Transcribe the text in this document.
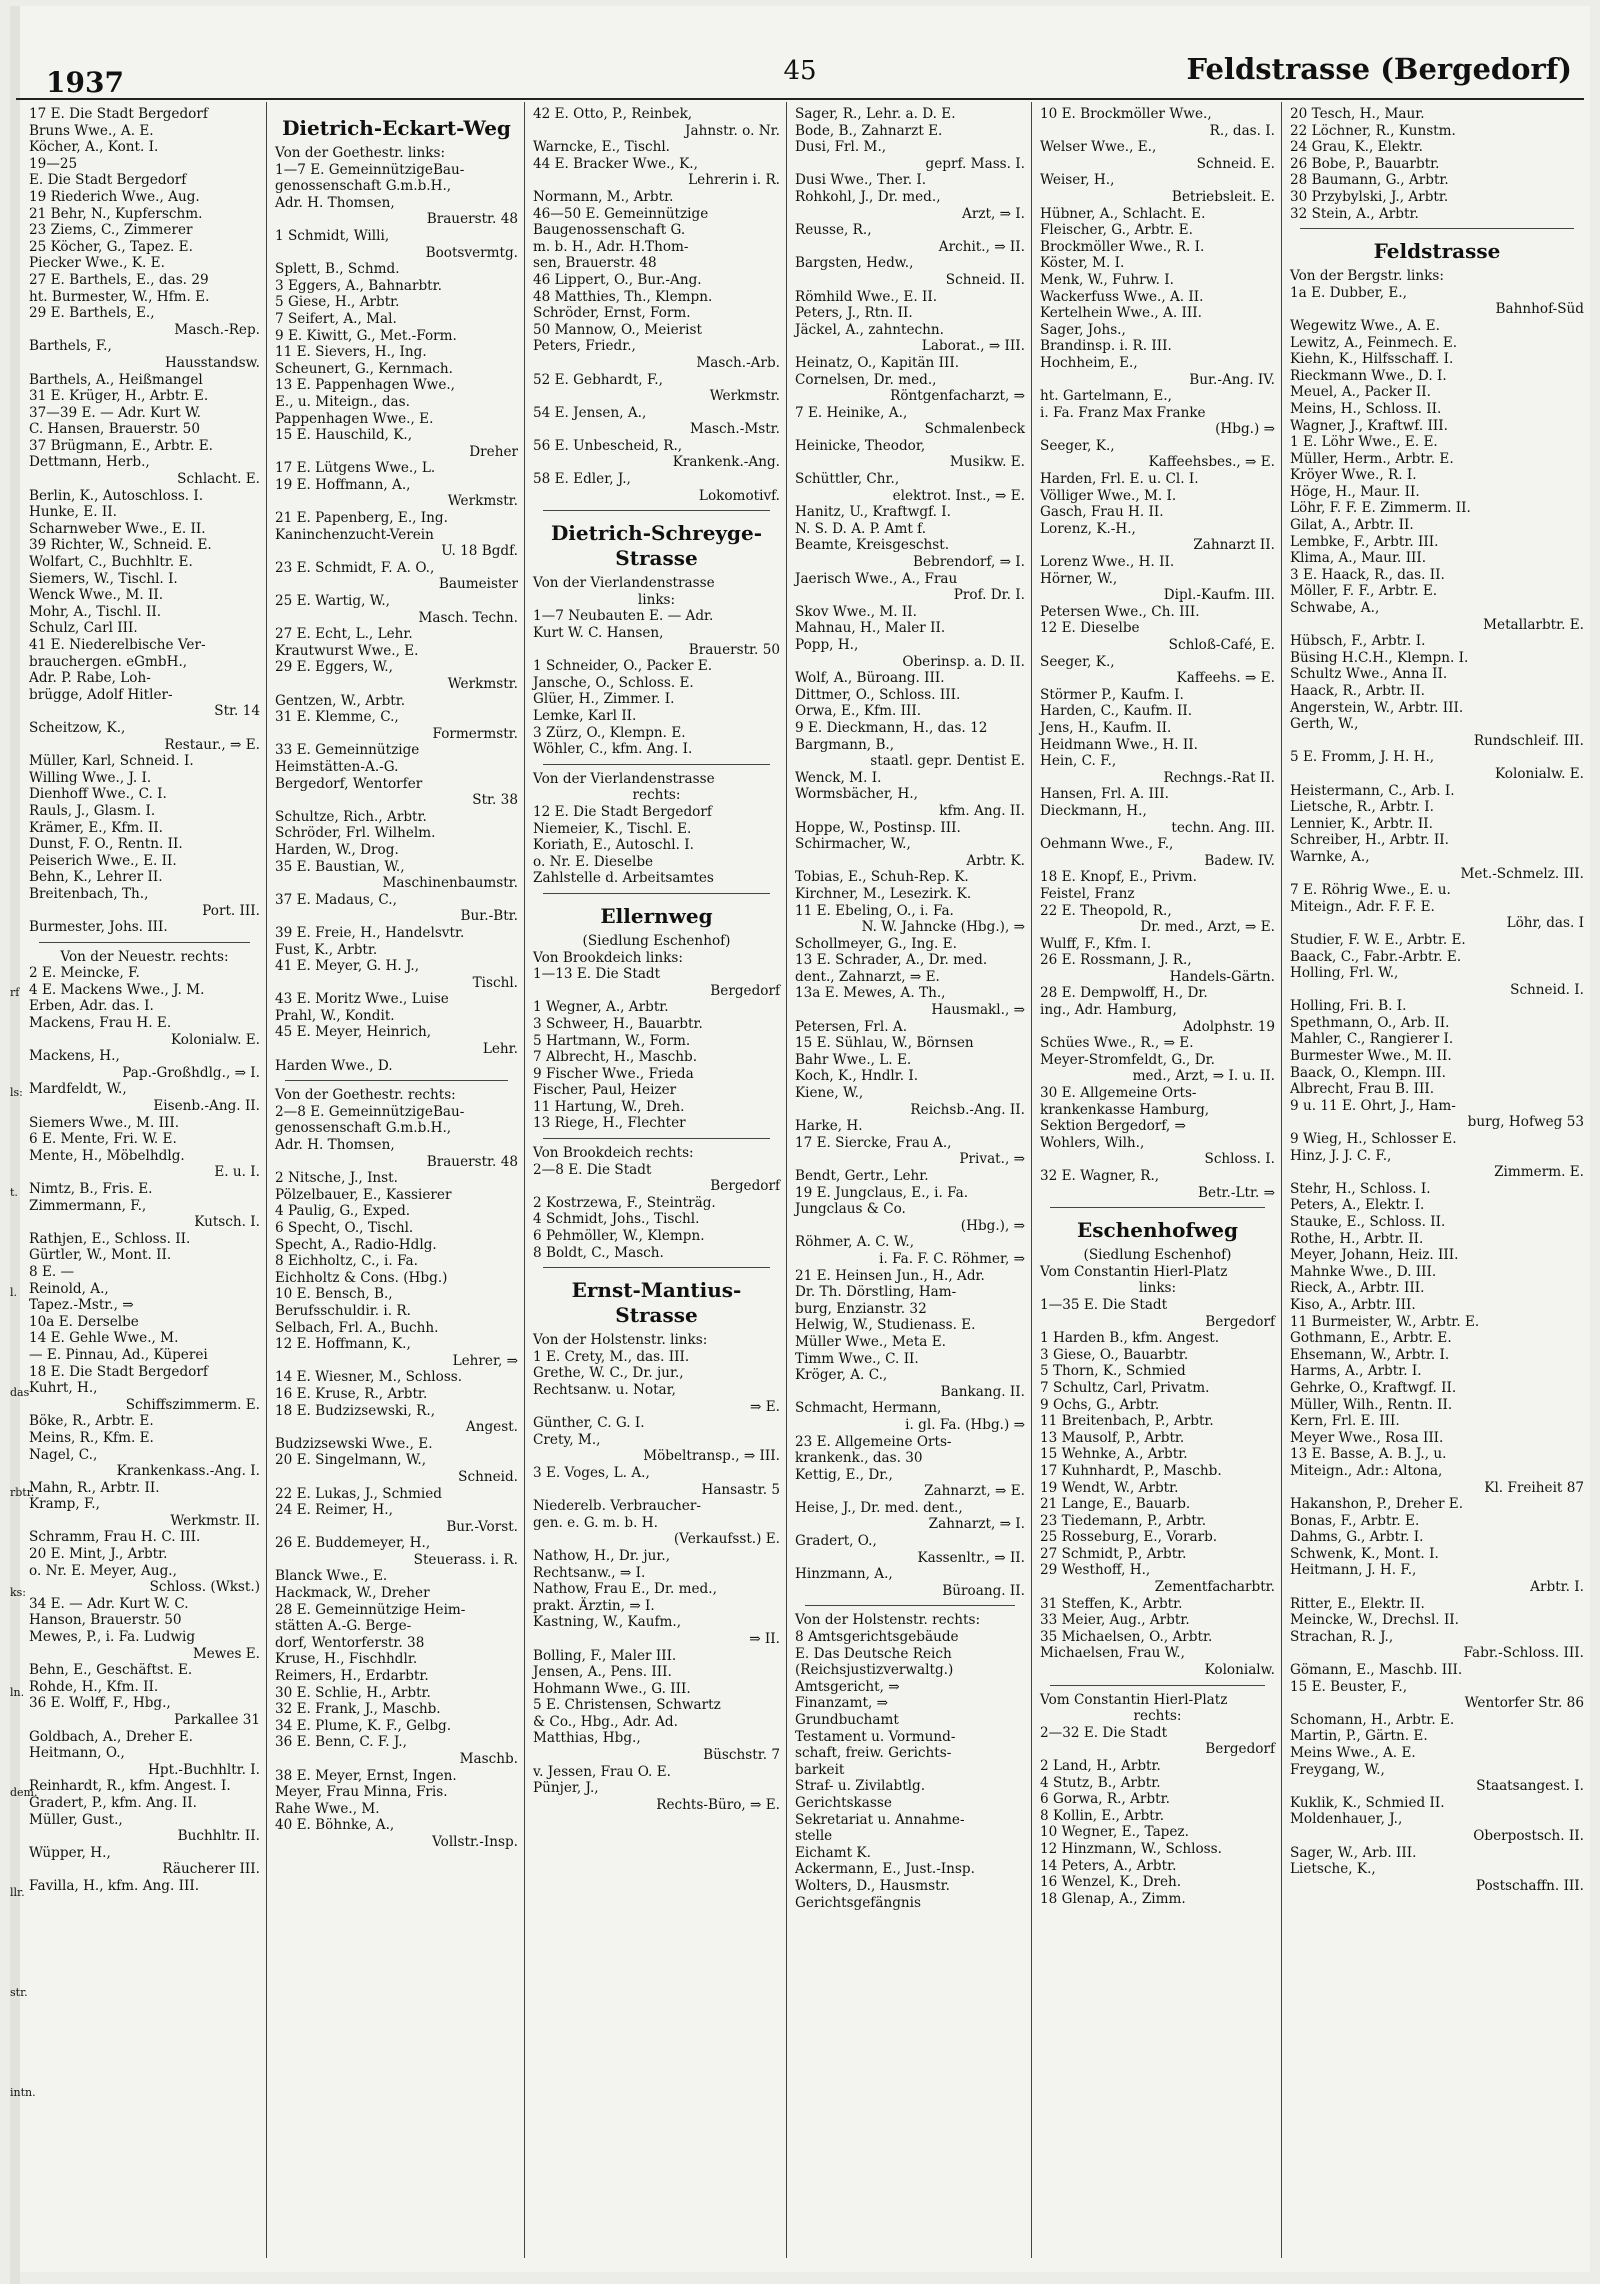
rf
ls:
t.
l.
das
rbtr.
ks:
ln.
dem.
llr.
str.
intn.
1937	45	Feldstrasse (Bergedorf)
17 E. Die Stadt Bergedorf
Bruns Wwe., A. E.
Köcher, A., Kont. I.
19—25
E. Die Stadt Bergedorf
19 Riederich Wwe., Aug.
21 Behr, N., Kupferschm.
23 Ziems, C., Zimmerer
25 Köcher, G., Tapez. E.
Piecker Wwe., K. E.
27 E. Barthels, E., das. 29
ht. Burmester, W., Hfm. E.
29 E. Barthels, E.,
Masch.-Rep.
Barthels, F.,
Hausstandsw.
Barthels, A., Heißmangel
31 E. Krüger, H., Arbtr. E.
37—39 E. — Adr. Kurt W.
C. Hansen, Brauerstr. 50
37 Brügmann, E., Arbtr. E.
Dettmann, Herb.,
Schlacht. E.
Berlin, K., Autoschloss. I.
Hunke, E. II.
Scharnweber Wwe., E. II.
39 Richter, W., Schneid. E.
Wolfart, C., Buchhltr. E.
Siemers, W., Tischl. I.
Wenck Wwe., M. II.
Mohr, A., Tischl. II.
Schulz, Carl III.
41 E. Niederelbische Ver-
brauchergen. eGmbH.,
Adr. P. Rabe, Loh-
brügge, Adolf Hitler-
Str. 14
Scheitzow, K.,
Restaur., ⇒ E.
Müller, Karl, Schneid. I.
Willing Wwe., J. I.
Dienhoff Wwe., C. I.
Rauls, J., Glasm. I.
Krämer, E., Kfm. II.
Dunst, F. O., Rentn. II.
Peiserich Wwe., E. II.
Behn, K., Lehrer II.
Breitenbach, Th.,
Port. III.
Burmester, Johs. III.
Von der Neuestr. rechts:
2 E. Meincke, F.
4 E. Mackens Wwe., J. M.
Erben, Adr. das. I.
Mackens, Frau H. E.
Kolonialw. E.
Mackens, H.,
Pap.-Großhdlg., ⇒ I.
Mardfeldt, W.,
Eisenb.-Ang. II.
Siemers Wwe., M. III.
6 E. Mente, Fri. W. E.
Mente, H., Möbelhdlg.
E. u. I.
Nimtz, B., Fris. E.
Zimmermann, F.,
Kutsch. I.
Rathjen, E., Schloss. II.
Gürtler, W., Mont. II.
8 E. —
Reinold, A.,
Tapez.-Mstr., ⇒
10a E. Derselbe
14 E. Gehle Wwe., M.
— E. Pinnau, Ad., Küperei
18 E. Die Stadt Bergedorf
Kuhrt, H.,
Schiffszimmerm. E.
Böke, R., Arbtr. E.
Meins, R., Kfm. E.
Nagel, C.,
Krankenkass.-Ang. I.
Mahn, R., Arbtr. II.
Kramp, F.,
Werkmstr. II.
Schramm, Frau H. C. III.
20 E. Mint, J., Arbtr.
o. Nr. E. Meyer, Aug.,
Schloss. (Wkst.)
34 E. — Adr. Kurt W. C.
Hanson, Brauerstr. 50
Mewes, P., i. Fa. Ludwig
Mewes E.
Behn, E., Geschäftst. E.
Rohde, H., Kfm. II.
36 E. Wolff, F., Hbg.,
Parkallee 31
Goldbach, A., Dreher E.
Heitmann, O.,
Hpt.-Buchhltr. I.
Reinhardt, R., kfm. Angest. I.
Gradert, P., kfm. Ang. II.
Müller, Gust.,
Buchhltr. II.
Wüpper, H.,
Räucherer III.
Favilla, H., kfm. Ang. III.
Dietrich-Eckart-Weg
Von der Goethestr. links:
1—7 E. GemeinnützigeBau-
genossenschaft G.m.b.H.,
Adr. H. Thomsen,
Brauerstr. 48
1 Schmidt, Willi,
Bootsvermtg.
Splett, B., Schmd.
3 Eggers, A., Bahnarbtr.
5 Giese, H., Arbtr.
7 Seifert, A., Mal.
9 E. Kiwitt, G., Met.-Form.
11 E. Sievers, H., Ing.
Scheunert, G., Kernmach.
13 E. Pappenhagen Wwe.,
E., u. Miteign., das.
Pappenhagen Wwe., E.
15 E. Hauschild, K.,
Dreher
17 E. Lütgens Wwe., L.
19 E. Hoffmann, A.,
Werkmstr.
21 E. Papenberg, E., Ing.
Kaninchenzucht-Verein
U. 18 Bgdf.
23 E. Schmidt, F. A. O.,
Baumeister
25 E. Wartig, W.,
Masch. Techn.
27 E. Echt, L., Lehr.
Krautwurst Wwe., E.
29 E. Eggers, W.,
Werkmstr.
Gentzen, W., Arbtr.
31 E. Klemme, C.,
Formermstr.
33 E. Gemeinnützige
Heimstätten-A.-G.
Bergedorf, Wentorfer
Str. 38
Schultze, Rich., Arbtr.
Schröder, Frl. Wilhelm.
Harden, W., Drog.
35 E. Baustian, W.,
Maschinenbaumstr.
37 E. Madaus, C.,
Bur.-Btr.
39 E. Freie, H., Handelsvtr.
Fust, K., Arbtr.
41 E. Meyer, G. H. J.,
Tischl.
43 E. Moritz Wwe., Luise
Prahl, W., Kondit.
45 E. Meyer, Heinrich,
Lehr.
Harden Wwe., D.
Von der Goethestr. rechts:
2—8 E. GemeinnützigeBau-
genossenschaft G.m.b.H.,
Adr. H. Thomsen,
Brauerstr. 48
2 Nitsche, J., Inst.
Pölzelbauer, E., Kassierer
4 Paulig, G., Exped.
6 Specht, O., Tischl.
Specht, A., Radio-Hdlg.
8 Eichholtz, C., i. Fa.
Eichholtz & Cons. (Hbg.)
10 E. Bensch, B.,
Berufsschuldir. i. R.
Selbach, Frl. A., Buchh.
12 E. Hoffmann, K.,
Lehrer, ⇒
14 E. Wiesner, M., Schloss.
16 E. Kruse, R., Arbtr.
18 E. Budzizsewski, R.,
Angest.
Budzizsewski Wwe., E.
20 E. Singelmann, W.,
Schneid.
22 E. Lukas, J., Schmied
24 E. Reimer, H.,
Bur.-Vorst.
26 E. Buddemeyer, H.,
Steuerass. i. R.
Blanck Wwe., E.
Hackmack, W., Dreher
28 E. Gemeinnützige Heim-
stätten A.-G. Berge-
dorf, Wentorferstr. 38
Kruse, H., Fischhdlr.
Reimers, H., Erdarbtr.
30 E. Schlie, H., Arbtr.
32 E. Frank, J., Maschb.
34 E. Plume, K. F., Gelbg.
36 E. Benn, C. F. J.,
Maschb.
38 E. Meyer, Ernst, Ingen.
Meyer, Frau Minna, Fris.
Rahe Wwe., M.
40 E. Böhnke, A.,
Vollstr.-Insp.
42 E. Otto, P., Reinbek,
Jahnstr. o. Nr.
Warncke, E., Tischl.
44 E. Bracker Wwe., K.,
Lehrerin i. R.
Normann, M., Arbtr.
46—50 E. Gemeinnützige
Baugenossenschaft G.
m. b. H., Adr. H.Thom-
sen, Brauerstr. 48
46 Lippert, O., Bur.-Ang.
48 Matthies, Th., Klempn.
Schröder, Ernst, Form.
50 Mannow, O., Meierist
Peters, Friedr.,
Masch.-Arb.
52 E. Gebhardt, F.,
Werkmstr.
54 E. Jensen, A.,
Masch.-Mstr.
56 E. Unbescheid, R.,
Krankenk.-Ang.
58 E. Edler, J.,
Lokomotivf.
Dietrich-Schreyge-Strasse
Von der Vierlandenstrasse
links:
1—7 Neubauten E. — Adr.
Kurt W. C. Hansen,
Brauerstr. 50
1 Schneider, O., Packer E.
Jansche, O., Schloss. E.
Glüer, H., Zimmer. I.
Lemke, Karl II.
3 Zürz, O., Klempn. E.
Wöhler, C., kfm. Ang. I.
Von der Vierlandenstrasse
rechts:
12 E. Die Stadt Bergedorf
Niemeier, K., Tischl. E.
Koriath, E., Autoschl. I.
o. Nr. E. Dieselbe
Zahlstelle d. Arbeitsamtes
Ellernweg
(Siedlung Eschenhof)
Von Brookdeich links:
1—13 E. Die Stadt
Bergedorf
1 Wegner, A., Arbtr.
3 Schweer, H., Bauarbtr.
5 Hartmann, W., Form.
7 Albrecht, H., Maschb.
9 Fischer Wwe., Frieda
Fischer, Paul, Heizer
11 Hartung, W., Dreh.
13 Riege, H., Flechter
Von Brookdeich rechts:
2—8 E. Die Stadt
Bergedorf
2 Kostrzewa, F., Steinträg.
4 Schmidt, Johs., Tischl.
6 Pehmöller, W., Klempn.
8 Boldt, C., Masch.
Ernst-Mantius-Strasse
Von der Holstenstr. links:
1 E. Crety, M., das. III.
Grethe, W. C., Dr. jur.,
Rechtsanw. u. Notar,
⇒ E.
Günther, C. G. I.
Crety, M.,
Möbeltransp., ⇒ III.
3 E. Voges, L. A.,
Hansastr. 5
Niederelb. Verbraucher-
gen. e. G. m. b. H.
(Verkaufsst.) E.
Nathow, H., Dr. jur.,
Rechtsanw., ⇒ I.
Nathow, Frau E., Dr. med.,
prakt. Ärztin, ⇒ I.
Kastning, W., Kaufm.,
⇒ II.
Bolling, F., Maler III.
Jensen, A., Pens. III.
Hohmann Wwe., G. III.
5 E. Christensen, Schwartz
& Co., Hbg., Adr. Ad.
Matthias, Hbg.,
Büschstr. 7
v. Jessen, Frau O. E.
Pünjer, J.,
Rechts-Büro, ⇒ E.
Sager, R., Lehr. a. D. E.
Bode, B., Zahnarzt E.
Dusi, Frl. M.,
geprf. Mass. I.
Dusi Wwe., Ther. I.
Rohkohl, J., Dr. med.,
Arzt, ⇒ I.
Reusse, R.,
Archit., ⇒ II.
Bargsten, Hedw.,
Schneid. II.
Römhild Wwe., E. II.
Peters, J., Rtn. II.
Jäckel, A., zahntechn.
Laborat., ⇒ III.
Heinatz, O., Kapitän III.
Cornelsen, Dr. med.,
Röntgenfacharzt, ⇒
7 E. Heinike, A.,
Schmalenbeck
Heinicke, Theodor,
Musikw. E.
Schüttler, Chr.,
elektrot. Inst., ⇒ E.
Hanitz, U., Kraftwgf. I.
N. S. D. A. P. Amt f.
Beamte, Kreisgeschst.
Bebrendorf, ⇒ I.
Jaerisch Wwe., A., Frau
Prof. Dr. I.
Skov Wwe., M. II.
Mahnau, H., Maler II.
Popp, H.,
Oberinsp. a. D. II.
Wolf, A., Büroang. III.
Dittmer, O., Schloss. III.
Orwa, E., Kfm. III.
9 E. Dieckmann, H., das. 12
Bargmann, B.,
staatl. gepr. Dentist E.
Wenck, M. I.
Wormsbächer, H.,
kfm. Ang. II.
Hoppe, W., Postinsp. III.
Schirmacher, W.,
Arbtr. K.
Tobias, E., Schuh-Rep. K.
Kirchner, M., Lesezirk. K.
11 E. Ebeling, O., i. Fa.
N. W. Jahncke (Hbg.), ⇒
Schollmeyer, G., Ing. E.
13 E. Schrader, A., Dr. med.
dent., Zahnarzt, ⇒ E.
13a E. Mewes, A. Th.,
Hausmakl., ⇒
Petersen, Frl. A.
15 E. Sühlau, W., Börnsen
Bahr Wwe., L. E.
Koch, K., Hndlr. I.
Kiene, W.,
Reichsb.-Ang. II.
Harke, H.
17 E. Siercke, Frau A.,
Privat., ⇒
Bendt, Gertr., Lehr.
19 E. Jungclaus, E., i. Fa.
Jungclaus & Co.
(Hbg.), ⇒
Röhmer, A. C. W.,
i. Fa. F. C. Röhmer, ⇒
21 E. Heinsen Jun., H., Adr.
Dr. Th. Dörstling, Ham-
burg, Enzianstr. 32
Helwig, W., Studienass. E.
Müller Wwe., Meta E.
Timm Wwe., C. II.
Kröger, A. C.,
Bankang. II.
Schmacht, Hermann,
i. gl. Fa. (Hbg.) ⇒
23 E. Allgemeine Orts-
krankenk., das. 30
Kettig, E., Dr.,
Zahnarzt, ⇒ E.
Heise, J., Dr. med. dent.,
Zahnarzt, ⇒ I.
Gradert, O.,
Kassenltr., ⇒ II.
Hinzmann, A.,
Büroang. II.
Von der Holstenstr. rechts:
8 Amtsgerichtsgebäude
E. Das Deutsche Reich
(Reichsjustizverwaltg.)
Amtsgericht, ⇒
Finanzamt, ⇒
Grundbuchamt
Testament u. Vormund-
schaft, freiw. Gerichts-
barkeit
Straf- u. Zivilabtlg.
Gerichtskasse
Sekretariat u. Annahme-
stelle
Eichamt K.
Ackermann, E., Just.-Insp.
Wolters, D., Hausmstr.
Gerichtsgefängnis
10 E. Brockmöller Wwe.,
R., das. I.
Welser Wwe., E.,
Schneid. E.
Weiser, H.,
Betriebsleit. E.
Hübner, A., Schlacht. E.
Fleischer, G., Arbtr. E.
Brockmöller Wwe., R. I.
Köster, M. I.
Menk, W., Fuhrw. I.
Wackerfuss Wwe., A. II.
Kertelhein Wwe., A. III.
Sager, Johs.,
Brandinsp. i. R. III.
Hochheim, E.,
Bur.-Ang. IV.
ht. Gartelmann, E.,
i. Fa. Franz Max Franke
(Hbg.) ⇒
Seeger, K.,
Kaffeehsbes., ⇒ E.
Harden, Frl. E. u. Cl. I.
Völliger Wwe., M. I.
Gasch, Frau H. II.
Lorenz, K.-H.,
Zahnarzt II.
Lorenz Wwe., H. II.
Hörner, W.,
Dipl.-Kaufm. III.
Petersen Wwe., Ch. III.
12 E. Dieselbe
Schloß-Café, E.
Seeger, K.,
Kaffeehs. ⇒ E.
Störmer P., Kaufm. I.
Harden, C., Kaufm. II.
Jens, H., Kaufm. II.
Heidmann Wwe., H. II.
Hein, C. F.,
Rechngs.-Rat II.
Hansen, Frl. A. III.
Dieckmann, H.,
techn. Ang. III.
Oehmann Wwe., F.,
Badew. IV.
18 E. Knopf, E., Privm.
Feistel, Franz
22 E. Theopold, R.,
Dr. med., Arzt, ⇒ E.
Wulff, F., Kfm. I.
26 E. Rossmann, J. R.,
Handels-Gärtn.
28 E. Dempwolff, H., Dr.
ing., Adr. Hamburg,
Adolphstr. 19
Schües Wwe., R., ⇒ E.
Meyer-Stromfeldt, G., Dr.
med., Arzt, ⇒ I. u. II.
30 E. Allgemeine Orts-
krankenkasse Hamburg,
Sektion Bergedorf, ⇒
Wohlers, Wilh.,
Schloss. I.
32 E. Wagner, R.,
Betr.-Ltr. ⇒
Eschenhofweg
(Siedlung Eschenhof)
Vom Constantin Hierl-Platz
links:
1—35 E. Die Stadt
Bergedorf
1 Harden B., kfm. Angest.
3 Giese, O., Bauarbtr.
5 Thorn, K., Schmied
7 Schultz, Carl, Privatm.
9 Ochs, G., Arbtr.
11 Breitenbach, P., Arbtr.
13 Mausolf, P., Arbtr.
15 Wehnke, A., Arbtr.
17 Kuhnhardt, P., Maschb.
19 Wendt, W., Arbtr.
21 Lange, E., Bauarb.
23 Tiedemann, P., Arbtr.
25 Rosseburg, E., Vorarb.
27 Schmidt, P., Arbtr.
29 Westhoff, H.,
Zementfacharbtr.
31 Steffen, K., Arbtr.
33 Meier, Aug., Arbtr.
35 Michaelsen, O., Arbtr.
Michaelsen, Frau W.,
Kolonialw.
Vom Constantin Hierl-Platz
rechts:
2—32 E. Die Stadt
Bergedorf
2 Land, H., Arbtr.
4 Stutz, B., Arbtr.
6 Gorwa, R., Arbtr.
8 Kollin, E., Arbtr.
10 Wegner, E., Tapez.
12 Hinzmann, W., Schloss.
14 Peters, A., Arbtr.
16 Wenzel, K., Dreh.
18 Glenap, A., Zimm.
20 Tesch, H., Maur.
22 Löchner, R., Kunstm.
24 Grau, K., Elektr.
26 Bobe, P., Bauarbtr.
28 Baumann, G., Arbtr.
30 Przybylski, J., Arbtr.
32 Stein, A., Arbtr.
Feldstrasse
Von der Bergstr. links:
1a E. Dubber, E.,
Bahnhof-Süd
Wegewitz Wwe., A. E.
Lewitz, A., Feinmech. E.
Kiehn, K., Hilfsschaff. I.
Rieckmann Wwe., D. I.
Meuel, A., Packer II.
Meins, H., Schloss. II.
Wagner, J., Kraftwf. III.
1 E. Löhr Wwe., E. E.
Müller, Herm., Arbtr. E.
Kröyer Wwe., R. I.
Höge, H., Maur. II.
Löhr, F. F. E. Zimmerm. II.
Gilat, A., Arbtr. II.
Lembke, F., Arbtr. III.
Klima, A., Maur. III.
3 E. Haack, R., das. II.
Möller, F. F., Arbtr. E.
Schwabe, A.,
Metallarbtr. E.
Hübsch, F., Arbtr. I.
Büsing H.C.H., Klempn. I.
Schultz Wwe., Anna II.
Haack, R., Arbtr. II.
Angerstein, W., Arbtr. III.
Gerth, W.,
Rundschleif. III.
5 E. Fromm, J. H. H.,
Kolonialw. E.
Heistermann, C., Arb. I.
Lietsche, R., Arbtr. I.
Lennier, K., Arbtr. II.
Schreiber, H., Arbtr. II.
Warnke, A.,
Met.-Schmelz. III.
7 E. Röhrig Wwe., E. u.
Miteign., Adr. F. F. E.
Löhr, das. I
Studier, F. W. E., Arbtr. E.
Baack, C., Fabr.-Arbtr. E.
Holling, Frl. W.,
Schneid. I.
Holling, Fri. B. I.
Spethmann, O., Arb. II.
Mahler, C., Rangierer I.
Burmester Wwe., M. II.
Baack, O., Klempn. III.
Albrecht, Frau B. III.
9 u. 11 E. Ohrt, J., Ham-
burg, Hofweg 53
9 Wieg, H., Schlosser E.
Hinz, J. J. C. F.,
Zimmerm. E.
Stehr, H., Schloss. I.
Peters, A., Elektr. I.
Stauke, E., Schloss. II.
Rothe, H., Arbtr. II.
Meyer, Johann, Heiz. III.
Mahnke Wwe., D. III.
Rieck, A., Arbtr. III.
Kiso, A., Arbtr. III.
11 Burmeister, W., Arbtr. E.
Gothmann, E., Arbtr. E.
Ehsemann, W., Arbtr. I.
Harms, A., Arbtr. I.
Gehrke, O., Kraftwgf. II.
Müller, Wilh., Rentn. II.
Kern, Frl. E. III.
Meyer Wwe., Rosa III.
13 E. Basse, A. B. J., u.
Miteign., Adr.: Altona,
Kl. Freiheit 87
Hakanshon, P., Dreher E.
Bonas, F., Arbtr. E.
Dahms, G., Arbtr. I.
Schwenk, K., Mont. I.
Heitmann, J. H. F.,
Arbtr. I.
Ritter, E., Elektr. II.
Meincke, W., Drechsl. II.
Strachan, R. J.,
Fabr.-Schloss. III.
Gömann, E., Maschb. III.
15 E. Beuster, F.,
Wentorfer Str. 86
Schomann, H., Arbtr. E.
Martin, P., Gärtn. E.
Meins Wwe., A. E.
Freygang, W.,
Staatsangest. I.
Kuklik, K., Schmied II.
Moldenhauer, J.,
Oberpostsch. II.
Sager, W., Arb. III.
Lietsche, K.,
Postschaffn. III.
